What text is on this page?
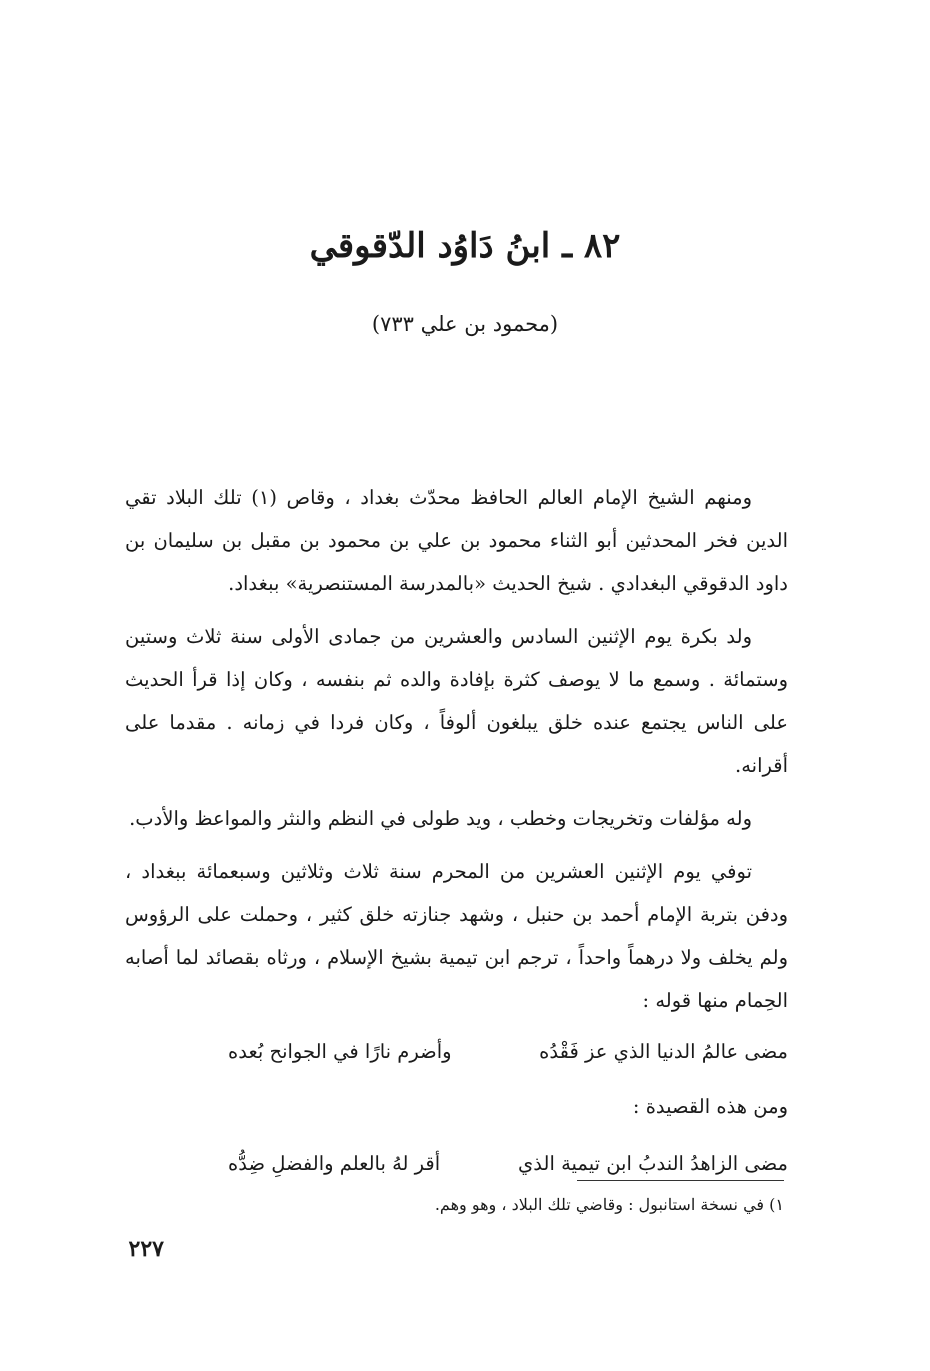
٨٢ ـ ابنُ دَاوُد الدّقوقي
(محمود بن علي ٧٣٣)

ومنهم الشيخ الإمام العالم الحافظ محدّث بغداد ، وقاص (١) تلك البلاد تقي الدين فخر المحدثين أبو الثناء محمود بن علي بن محمود بن مقبل بن سليمان بن داود الدقوقي البغدادي . شيخ الحديث «بالمدرسة المستنصرية» ببغداد.

ولد بكرة يوم الإثنين السادس والعشرين من جمادى الأولى سنة ثلاث وستين وستمائة . وسمع ما لا يوصف كثرة بإفادة والده ثم بنفسه ، وكان إذا قرأ الحديث على الناس يجتمع عنده خلق يبلغون ألوفاً ، وكان فردا في زمانه . مقدما على أقرانه.

وله مؤلفات وتخريجات وخطب ، ويد طولى في النظم والنثر والمواعظ والأدب.

توفي يوم الإثنين العشرين من المحرم سنة ثلاث وثلاثين وسبعمائة ببغداد ، ودفن بتربة الإمام أحمد بن حنبل ، وشهد جنازته خلق كثير ، وحملت على الرؤوس ولم يخلف ولا درهماً واحداً ، ترجم ابن تيمية بشيخ الإسلام ، ورثاه بقصائد لما أصابه الحِمام منها قوله :

مضى عالمُ الدنيا الذي عز فَقْدُه
وأضرم نارًا في الجوانح بُعده
ومن هذه القصيدة :
مضى الزاهدُ الندبُ ابن تيمية الذي
أقر لهُ بالعلم والفضلِ ضِدُّه
١) في نسخة استانبول : وقاضي تلك البلاد ، وهو وهم.
٢٢٧
